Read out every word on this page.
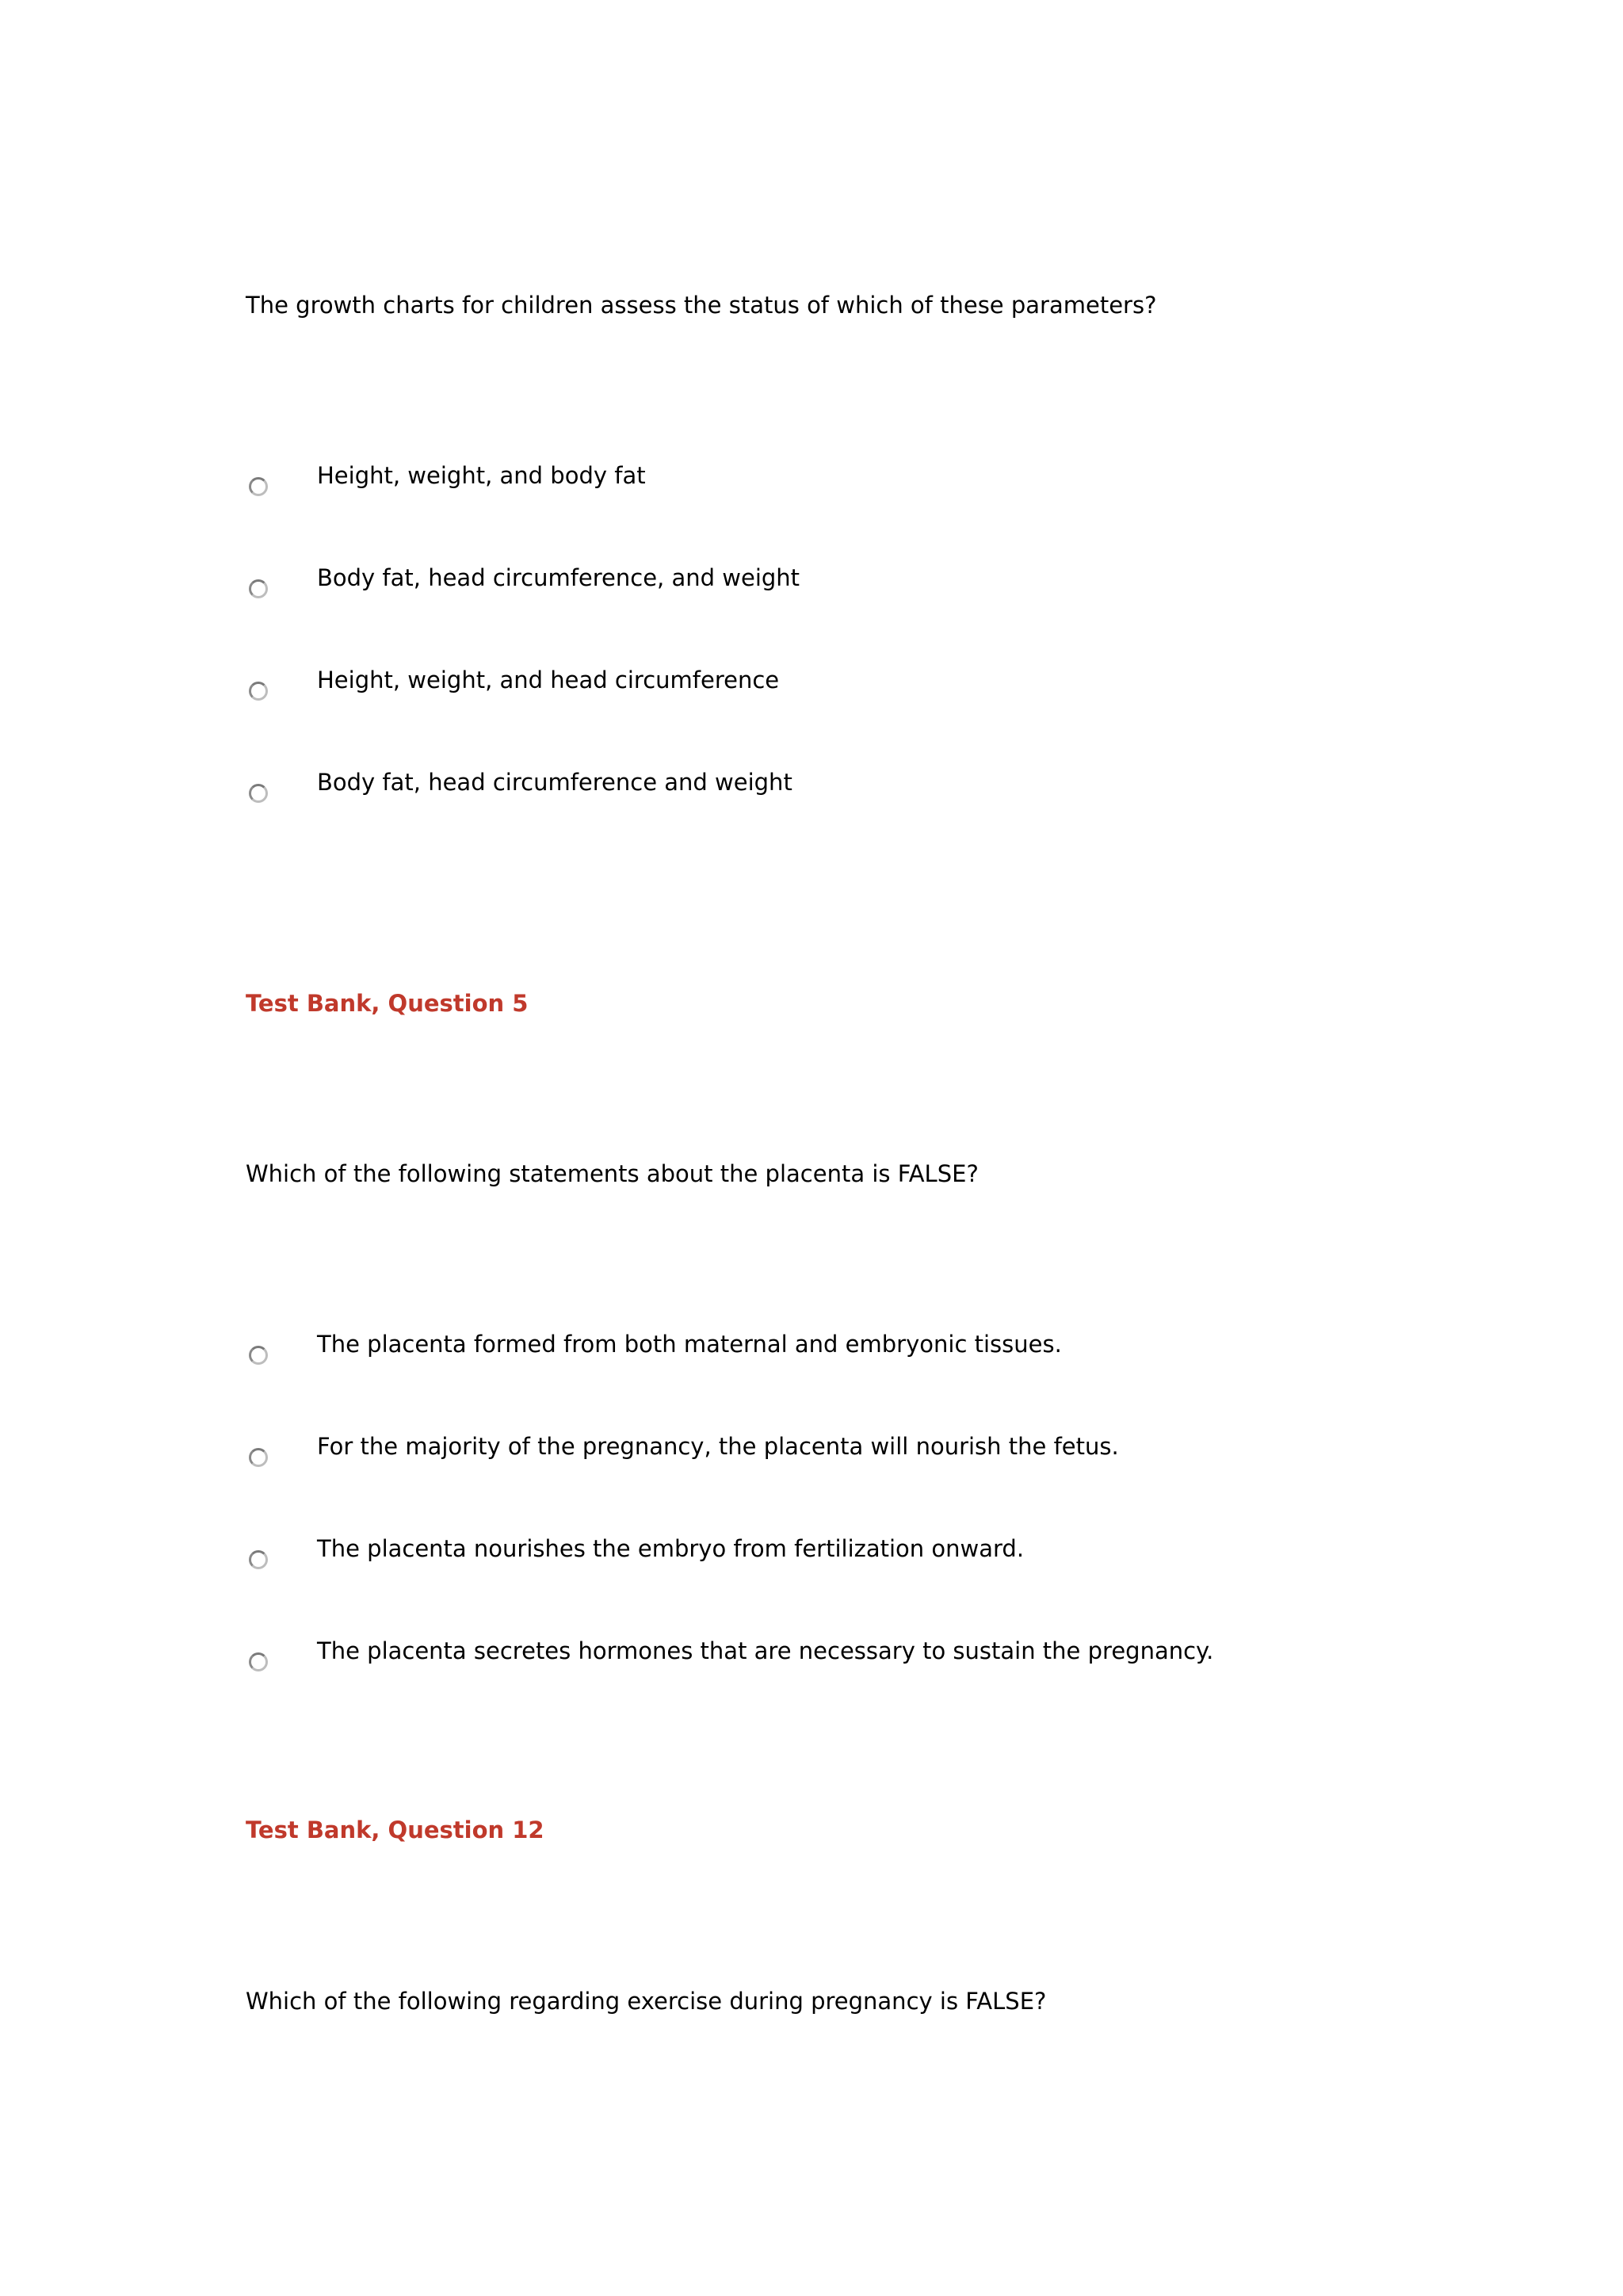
The growth charts for children assess the status of which of these parameters?
Height, weight, and body fat
Body fat, head circumference, and weight
Height, weight, and head circumference
Body fat, head circumference and weight
Test Bank, Question 5
Which of the following statements about the placenta is FALSE?
The placenta formed from both maternal and embryonic tissues.
For the majority of the pregnancy, the placenta will nourish the fetus.
The placenta nourishes the embryo from fertilization onward.
The placenta secretes hormones that are necessary to sustain the pregnancy.
Test Bank, Question 12
Which of the following regarding exercise during pregnancy is FALSE?
